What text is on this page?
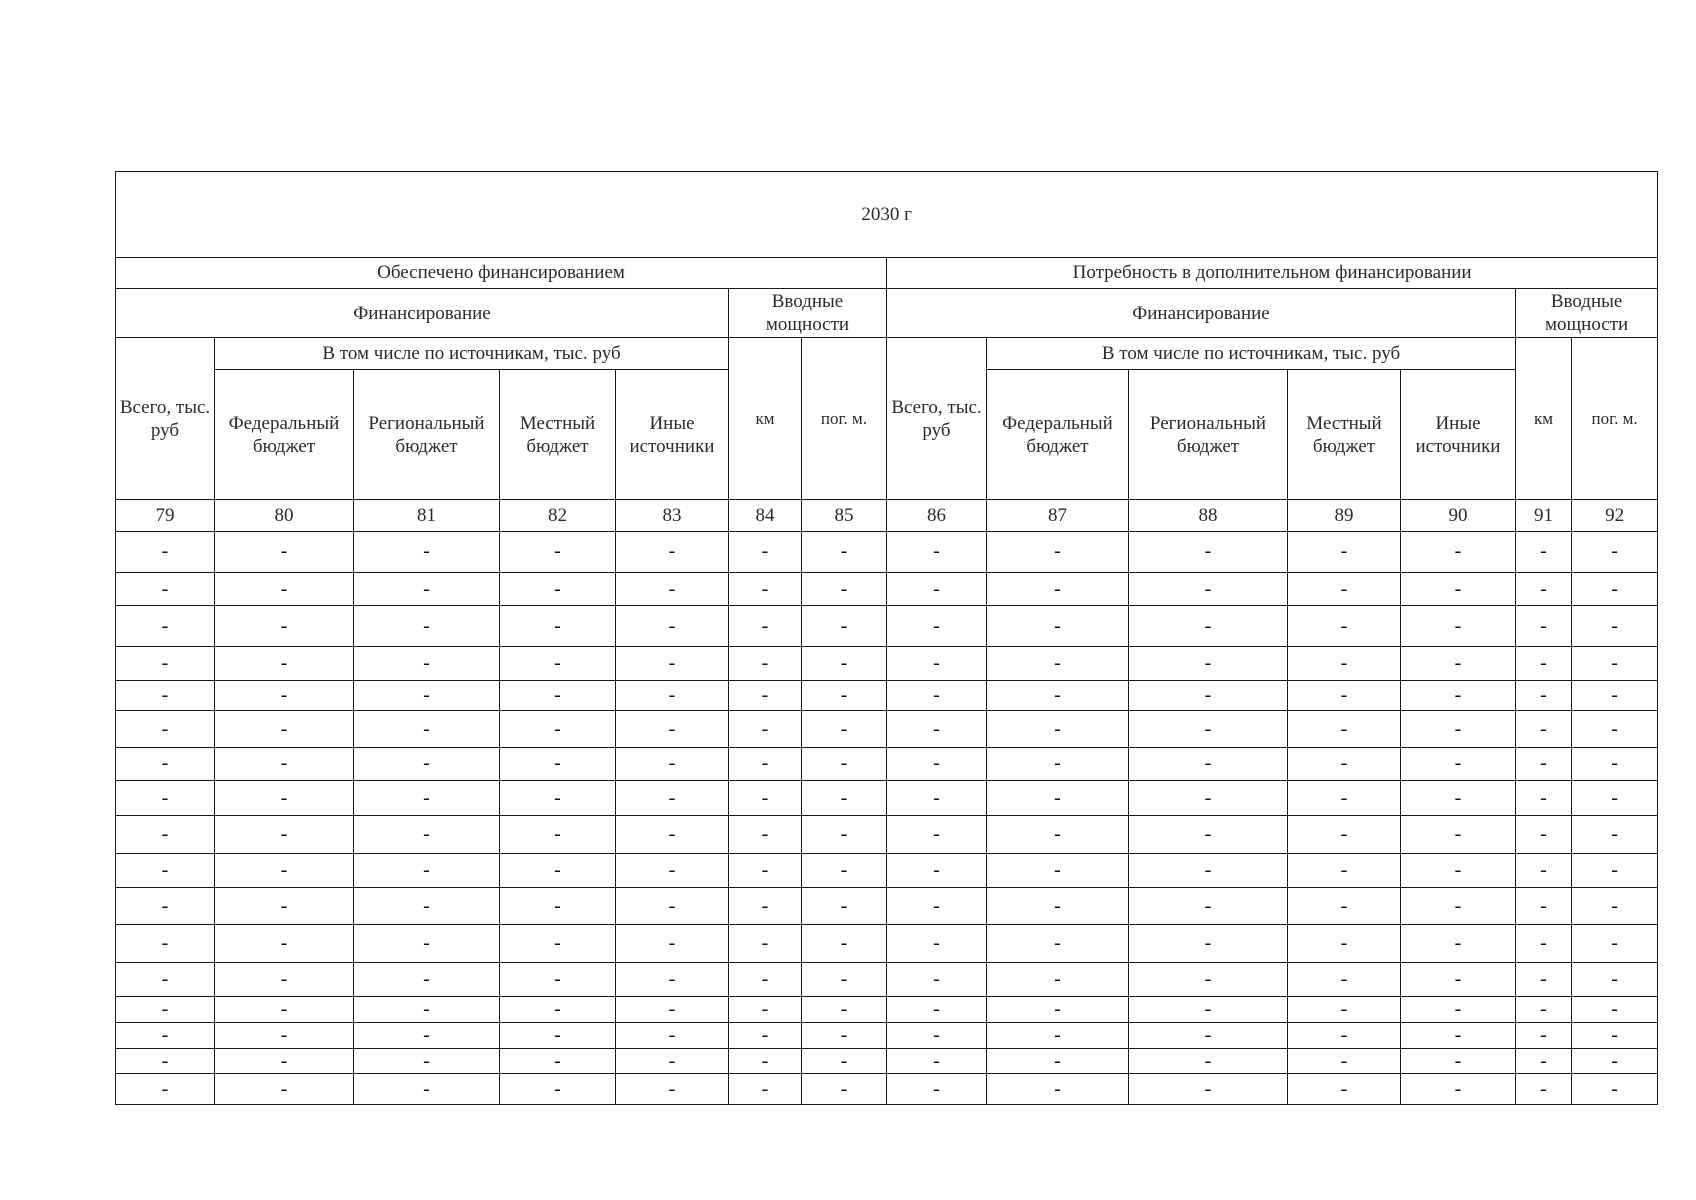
2030 г													
Обеспечено финансированием							Потребность в дополнительном финансировании						
Финансирование					Вводные мощности		Финансирование					Вводные мощности	
Всего, тыс. руб	В том числе по источникам, тыс. руб				км	пог. м.	Всего, тыс. руб	В том числе по источникам, тыс. руб				км	пог. м.
	Федеральный бюджет	Региональный бюджет	Местный бюджет	Иные источники				Федеральный бюджет	Региональный бюджет	Местный бюджет	Иные источники		
79	80	81	82	83	84	85	86	87	88	89	90	91	92
-	-	-	-	-	-	-	-	-	-	-	-	-	-
-	-	-	-	-	-	-	-	-	-	-	-	-	-
-	-	-	-	-	-	-	-	-	-	-	-	-	-
-	-	-	-	-	-	-	-	-	-	-	-	-	-
-	-	-	-	-	-	-	-	-	-	-	-	-	-
-	-	-	-	-	-	-	-	-	-	-	-	-	-
-	-	-	-	-	-	-	-	-	-	-	-	-	-
-	-	-	-	-	-	-	-	-	-	-	-	-	-
-	-	-	-	-	-	-	-	-	-	-	-	-	-
-	-	-	-	-	-	-	-	-	-	-	-	-	-
-	-	-	-	-	-	-	-	-	-	-	-	-	-
-	-	-	-	-	-	-	-	-	-	-	-	-	-
-	-	-	-	-	-	-	-	-	-	-	-	-	-
-	-	-	-	-	-	-	-	-	-	-	-	-	-
-	-	-	-	-	-	-	-	-	-	-	-	-	-
-	-	-	-	-	-	-	-	-	-	-	-	-	-
-	-	-	-	-	-	-	-	-	-	-	-	-	-
